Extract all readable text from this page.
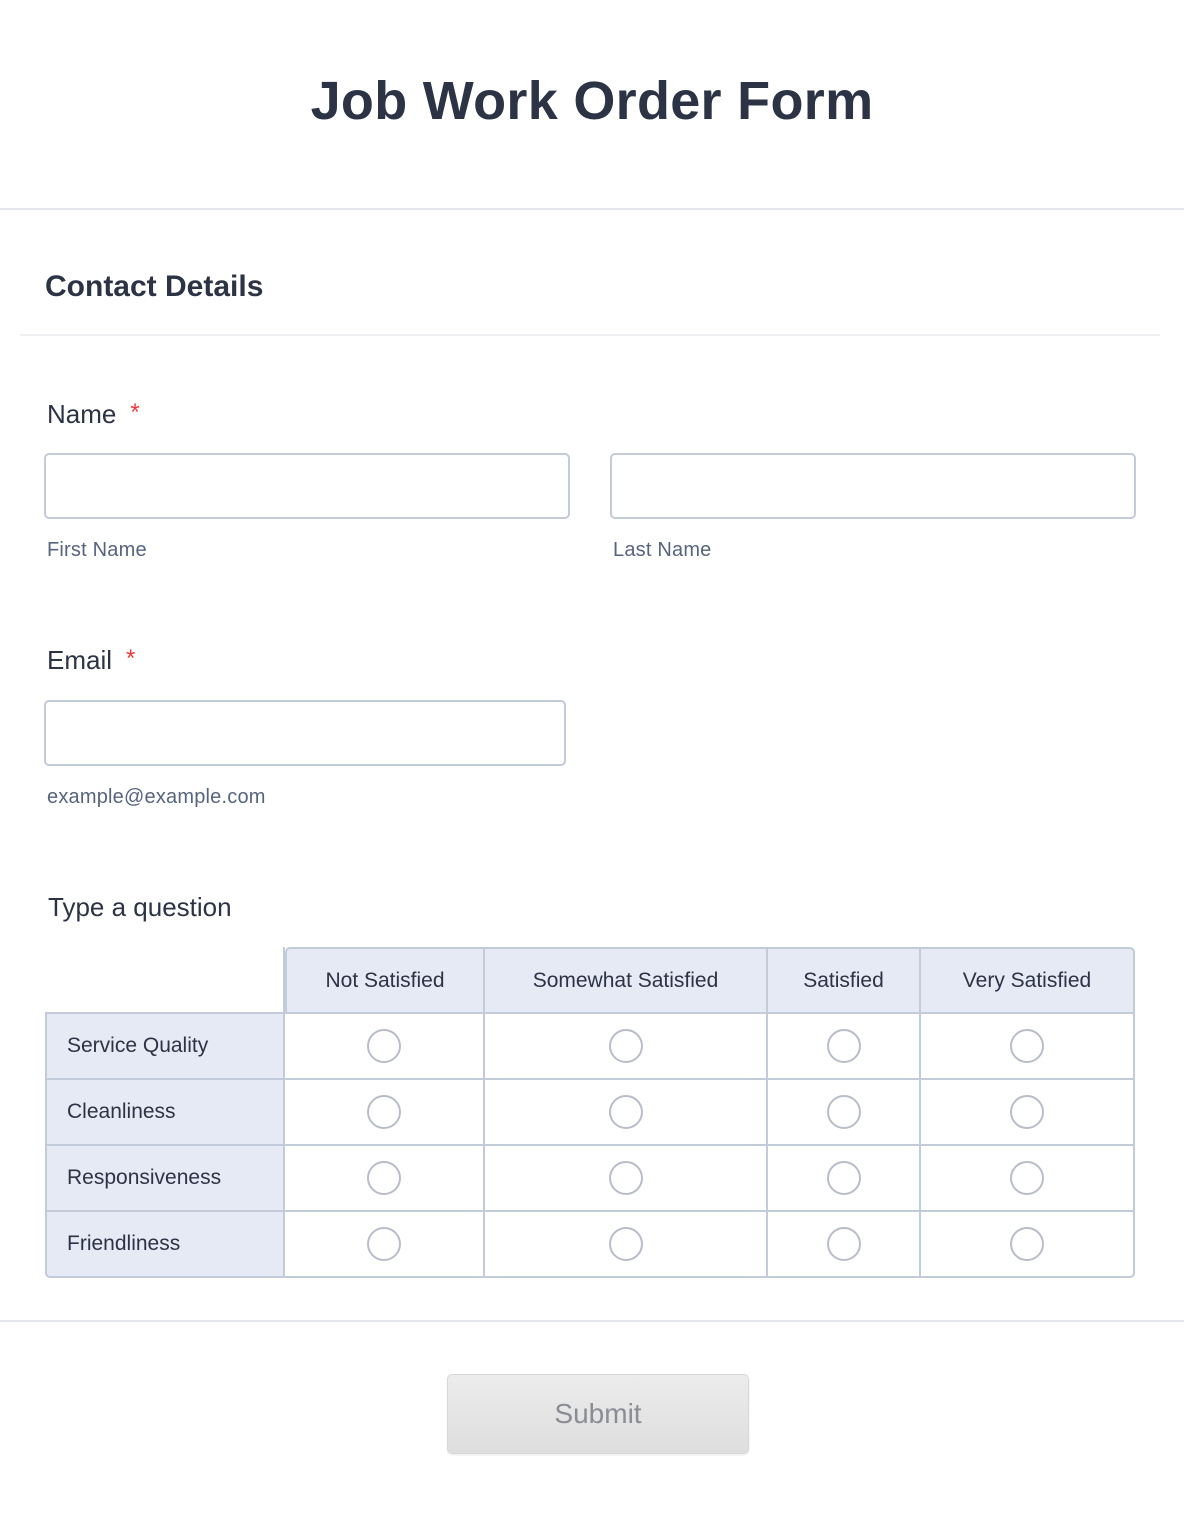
Job Work Order Form
Contact Details
Name *
First Name	Last Name
Email *
example@example.com
Type a question
	Not Satisfied	Somewhat Satisfied	Satisfied	Very Satisfied
Service Quality				
Cleanliness				
Responsiveness				
Friendliness				
Submit
